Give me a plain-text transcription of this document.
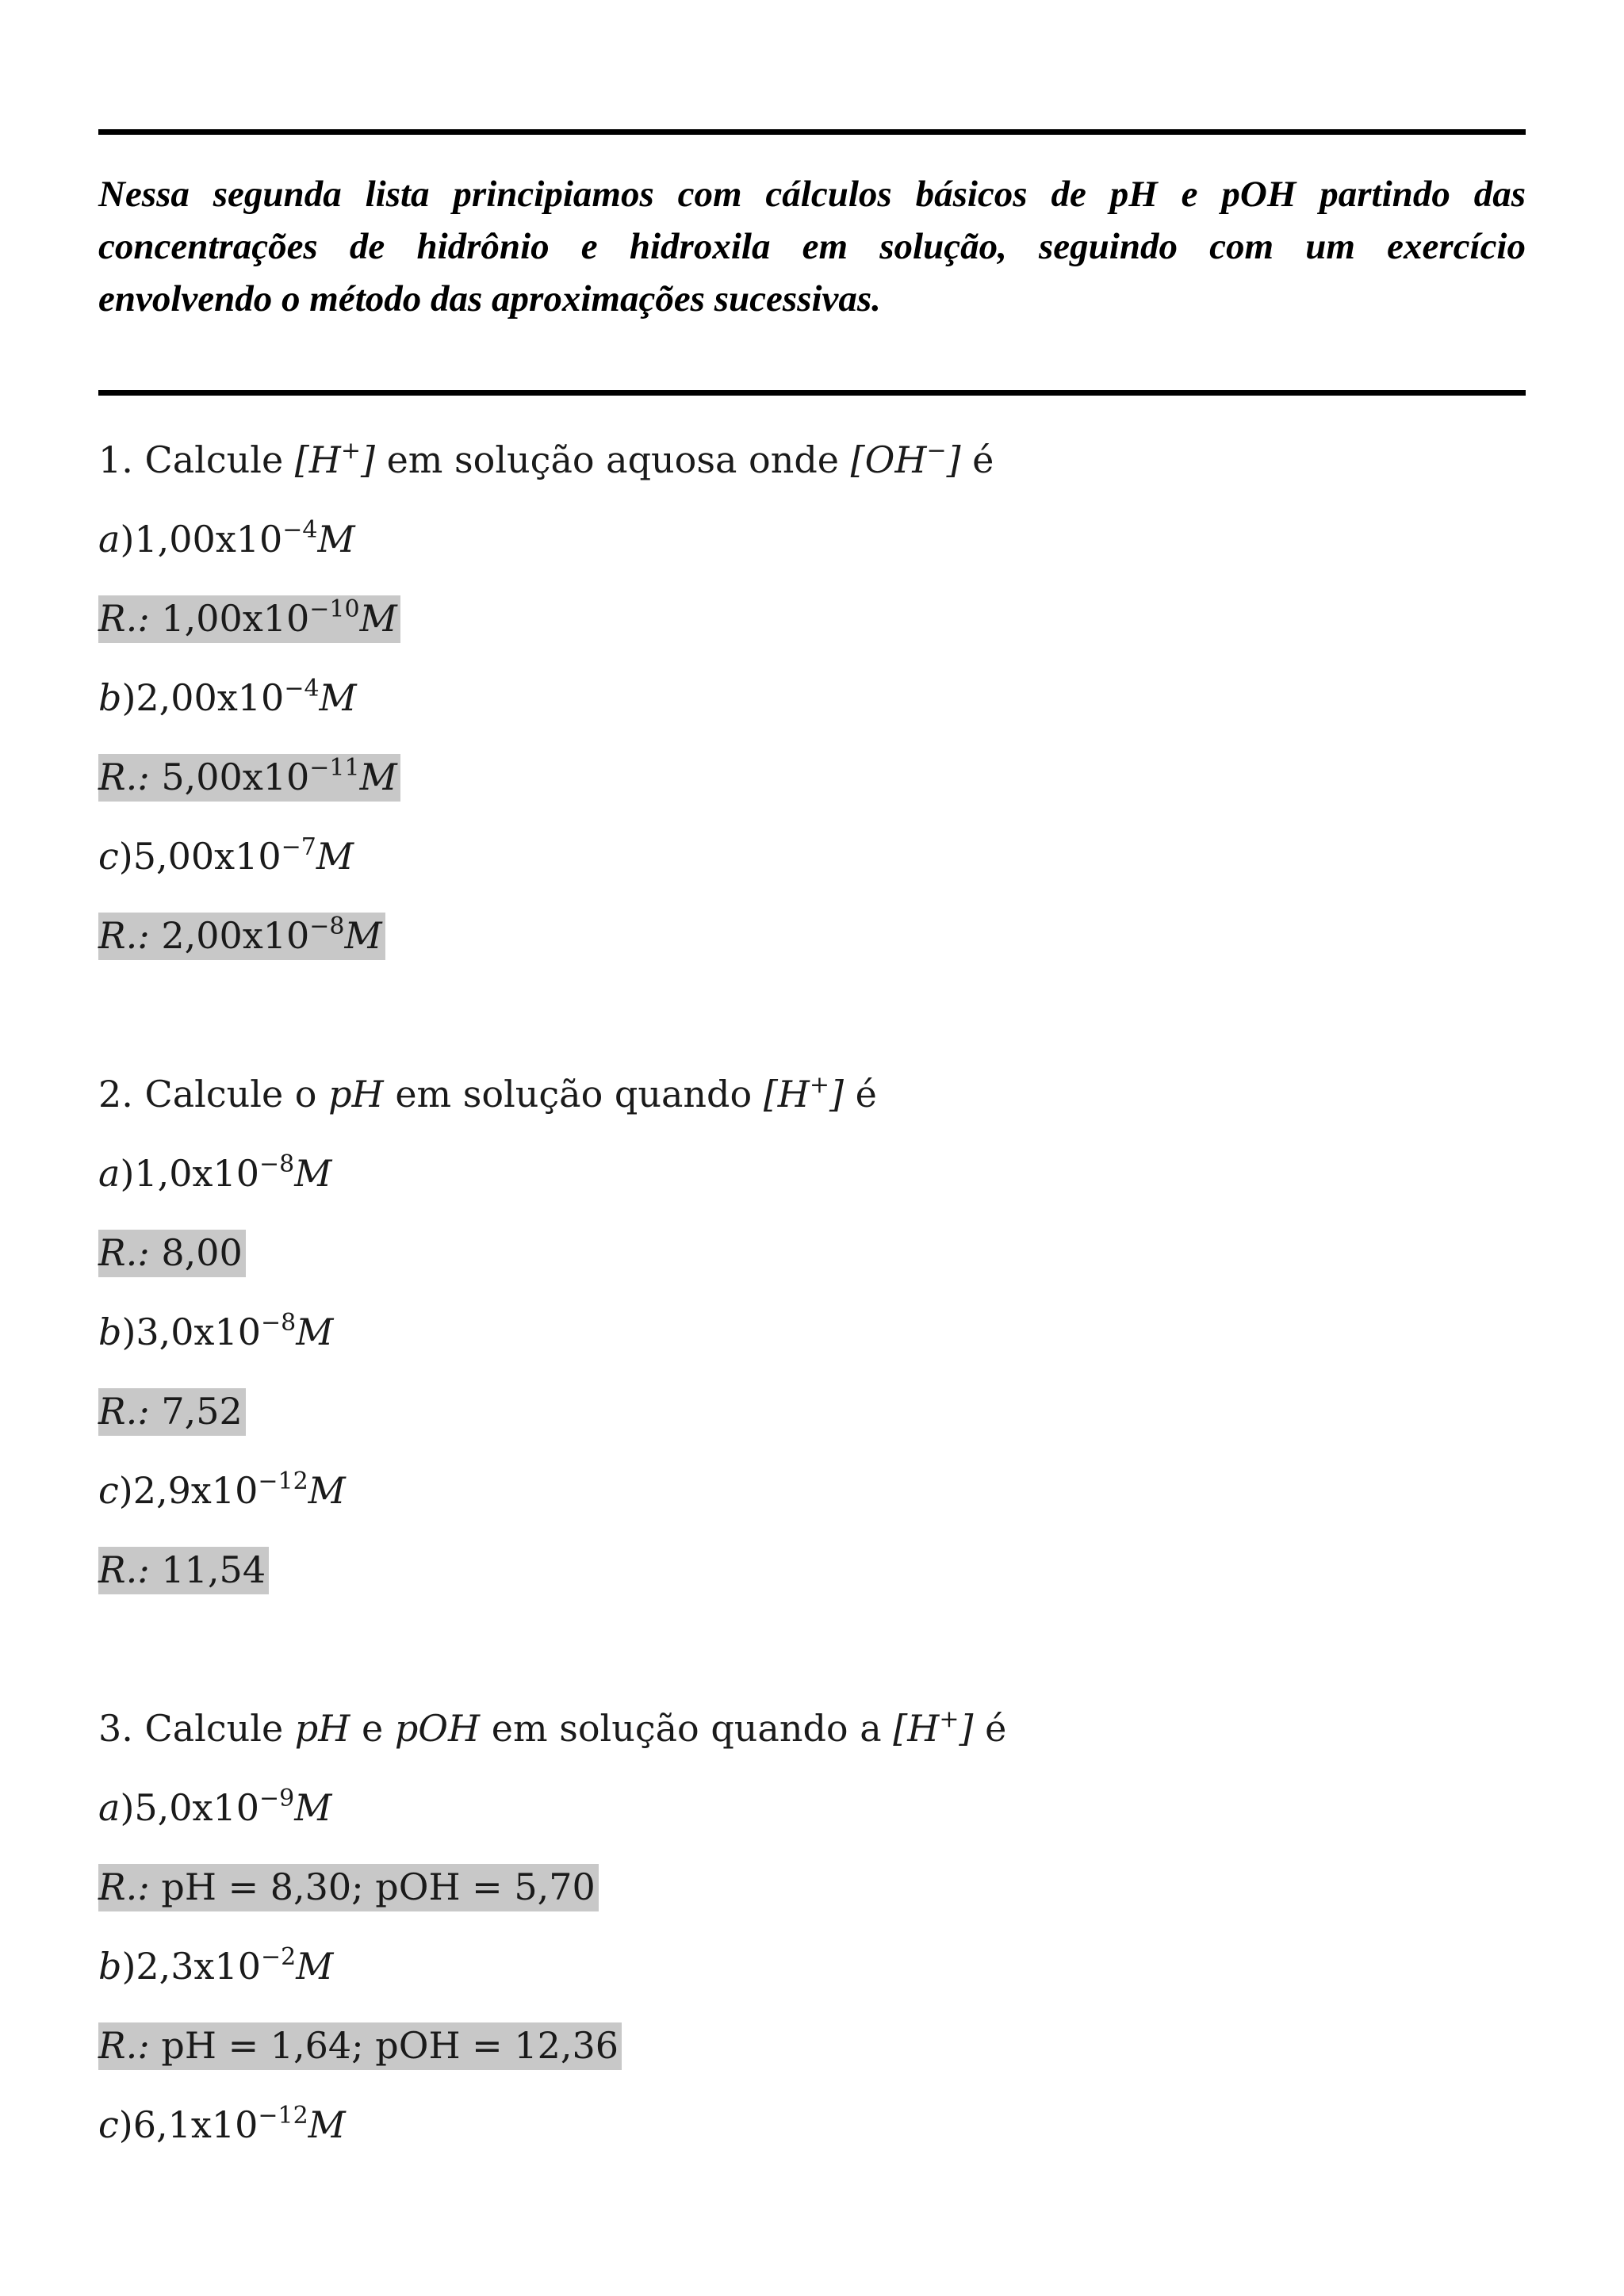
Nessa segunda lista principiamos com cálculos básicos de pH e pOH partindo das
concentrações de hidrônio e hidroxila em solução, seguindo com um exercício
envolvendo o método das aproximações sucessivas.
1. Calcule [H+] em solução aquosa onde [OH−] é
$a)1,00x10^{-4}M$
R.: $1,00x10^{-10}M$
$b)2,00x10^{-4}M$
R.: $5,00x10^{-11}M$
$c)5,00x10^{-7}M$
R.: $2,00x10^{-8}M$
2. Calcule o pH em solução quando [H+] é
$a)1,0x10^{-8}M$
R.: 8,00
$b)3,0x10^{-8}M$
R.: 7,52
$c)2,9x10^{-12}M$
R.: 11,54
3. Calcule pH e pOH em solução quando a [H+] é
$a)5,0x10^{-9}M$
R.: pH = 8,30; pOH = 5,70
$b)2,3x10^{-2}M$
R.: pH = 1,64; pOH = 12,36
$c)6,1x10^{-12}M$
